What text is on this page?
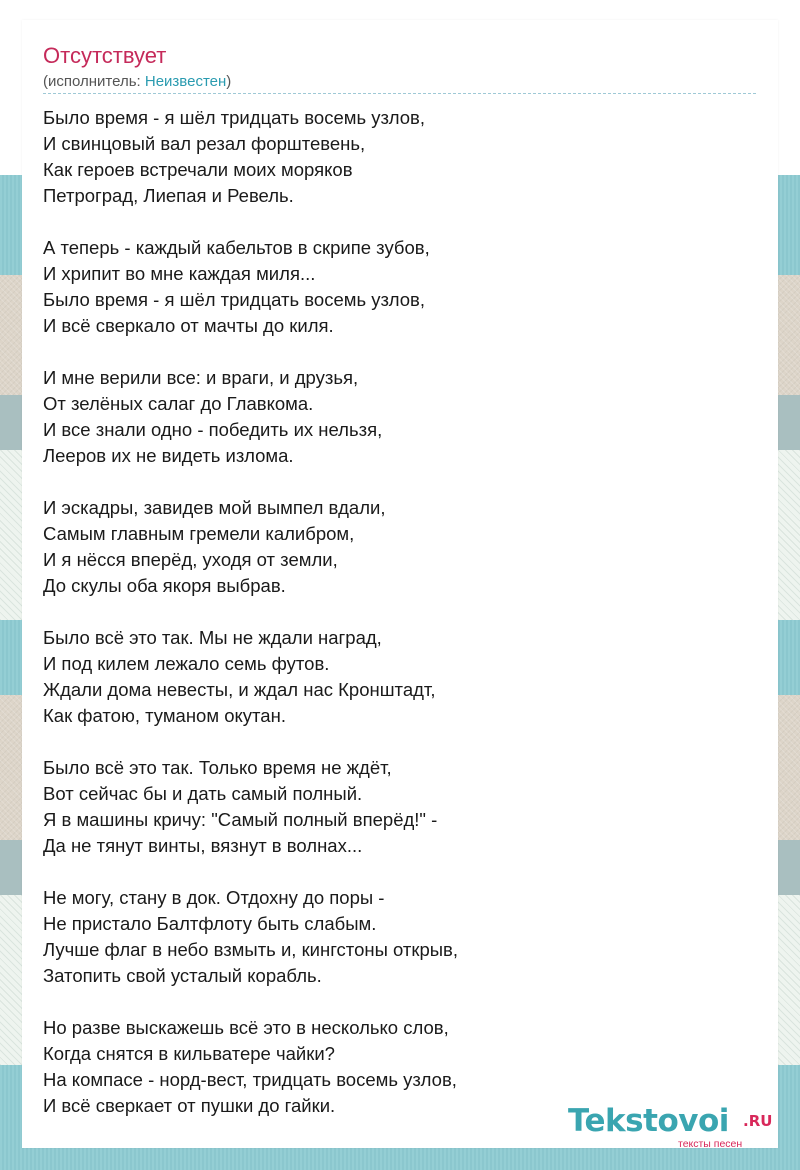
Отсутствует
(исполнитель: Неизвестен)
Было время - я шёл тридцать восемь узлов,
И свинцовый вал резал форштевень,
Как героев встречали моих моряков
Петроград, Лиепая и Ревель.
А теперь - каждый кабельтов в скрипе зубов,
И хрипит во мне каждая миля...
Было время - я шёл тридцать восемь узлов,
И всё сверкало от мачты до киля.
И мне верили все: и враги, и друзья,
От зелёных салаг до Главкома.
И все знали одно - победить их нельзя,
Лееров их не видеть излома.
И эскадры, завидев мой вымпел вдали,
Самым главным гремели калибром,
И я нёсся вперёд, уходя от земли,
До скулы оба якоря выбрав.
Было всё это так. Мы не ждали наград,
И под килем лежало семь футов.
Ждали дома невесты, и ждал нас Кронштадт,
Как фатою, туманом окутан.
Было всё это так. Только время не ждёт,
Вот сейчас бы и дать самый полный.
Я в машины кричу: "Самый полный вперёд!" -
Да не тянут винты, вязнут в волнах...
Не могу, стану в док. Отдохну до поры -
Не пристало Балтфлоту быть слабым.
Лучше флаг в небо взмыть и, кингстоны открыв,
Затопить свой усталый корабль.
Но разве выскажешь всё это в несколько слов,
Когда снятся в кильватере чайки?
На компасе - норд-вест, тридцать восемь узлов,
И всё сверкает от пушки до гайки.	Tekstovoi .RU
тексты песен
